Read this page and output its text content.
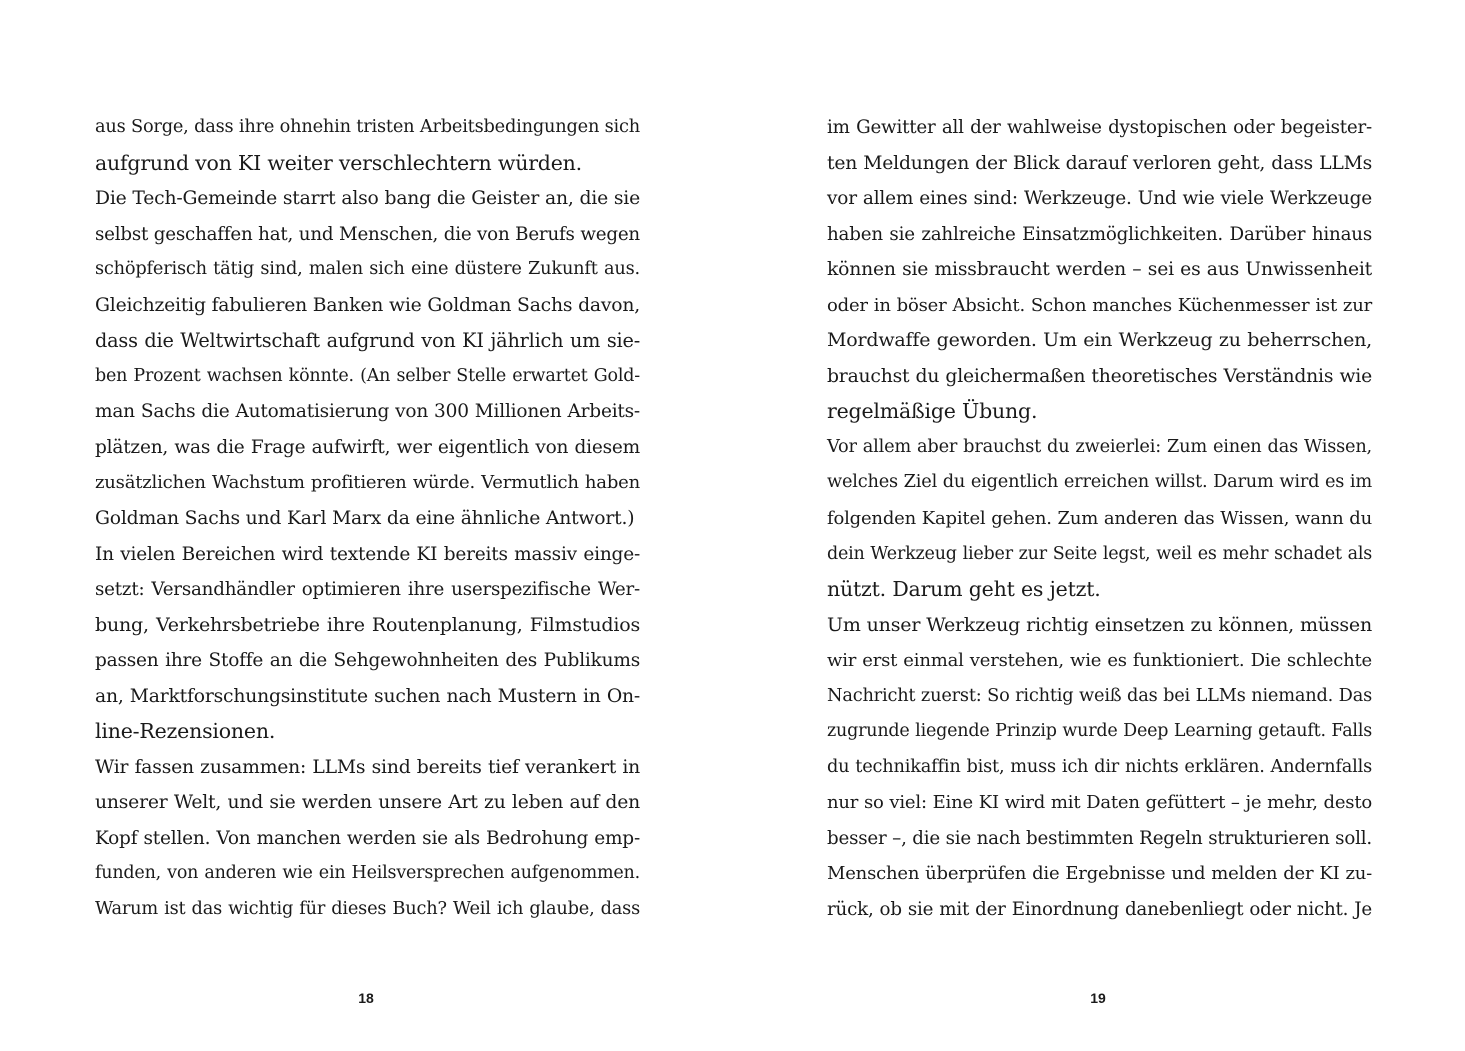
aus Sorge, dass ihre ohnehin tristen Arbeitsbedingungen sich
aufgrund von KI weiter verschlechtern würden.
Die Tech-Gemeinde starrt also bang die Geister an, die sie
selbst geschaffen hat, und Menschen, die von Berufs wegen
schöpferisch tätig sind, malen sich eine düstere Zukunft aus.
Gleichzeitig fabulieren Banken wie Goldman Sachs davon,
dass die Weltwirtschaft aufgrund von KI jährlich um sie-
ben Prozent wachsen könnte. (An selber Stelle erwartet Gold-
man Sachs die Automatisierung von 300 Millionen Arbeits-
plätzen, was die Frage aufwirft, wer eigentlich von diesem
zusätzlichen Wachstum profitieren würde. Vermutlich haben
Goldman Sachs und Karl Marx da eine ähnliche Antwort.)
In vielen Bereichen wird textende KI bereits massiv einge-
setzt: Versandhändler optimieren ihre userspezifische Wer-
bung, Verkehrsbetriebe ihre Routenplanung, Filmstudios
passen ihre Stoffe an die Sehgewohnheiten des Publikums
an, Marktforschungsinstitute suchen nach Mustern in On-
line-Rezensionen.
Wir fassen zusammen: LLMs sind bereits tief verankert in
unserer Welt, und sie werden unsere Art zu leben auf den
Kopf stellen. Von manchen werden sie als Bedrohung emp-
funden, von anderen wie ein Heilsversprechen aufgenommen.
Warum ist das wichtig für dieses Buch? Weil ich glaube, dass
18
im Gewitter all der wahlweise dystopischen oder begeister-
ten Meldungen der Blick darauf verloren geht, dass LLMs
vor allem eines sind: Werkzeuge. Und wie viele Werkzeuge
haben sie zahlreiche Einsatzmöglichkeiten. Darüber hinaus
können sie missbraucht werden – sei es aus Unwissenheit
oder in böser Absicht. Schon manches Küchenmesser ist zur
Mordwaffe geworden. Um ein Werkzeug zu beherrschen,
brauchst du gleichermaßen theoretisches Verständnis wie
regelmäßige Übung.
Vor allem aber brauchst du zweierlei: Zum einen das Wissen,
welches Ziel du eigentlich erreichen willst. Darum wird es im
folgenden Kapitel gehen. Zum anderen das Wissen, wann du
dein Werkzeug lieber zur Seite legst, weil es mehr schadet als
nützt. Darum geht es jetzt.
Um unser Werkzeug richtig einsetzen zu können, müssen
wir erst einmal verstehen, wie es funktioniert. Die schlechte
Nachricht zuerst: So richtig weiß das bei LLMs niemand. Das
zugrunde liegende Prinzip wurde Deep Learning getauft. Falls
du technikaffin bist, muss ich dir nichts erklären. Andernfalls
nur so viel: Eine KI wird mit Daten gefüttert – je mehr, desto
besser –, die sie nach bestimmten Regeln strukturieren soll.
Menschen überprüfen die Ergebnisse und melden der KI zu-
rück, ob sie mit der Einordnung danebenliegt oder nicht. Je
19
